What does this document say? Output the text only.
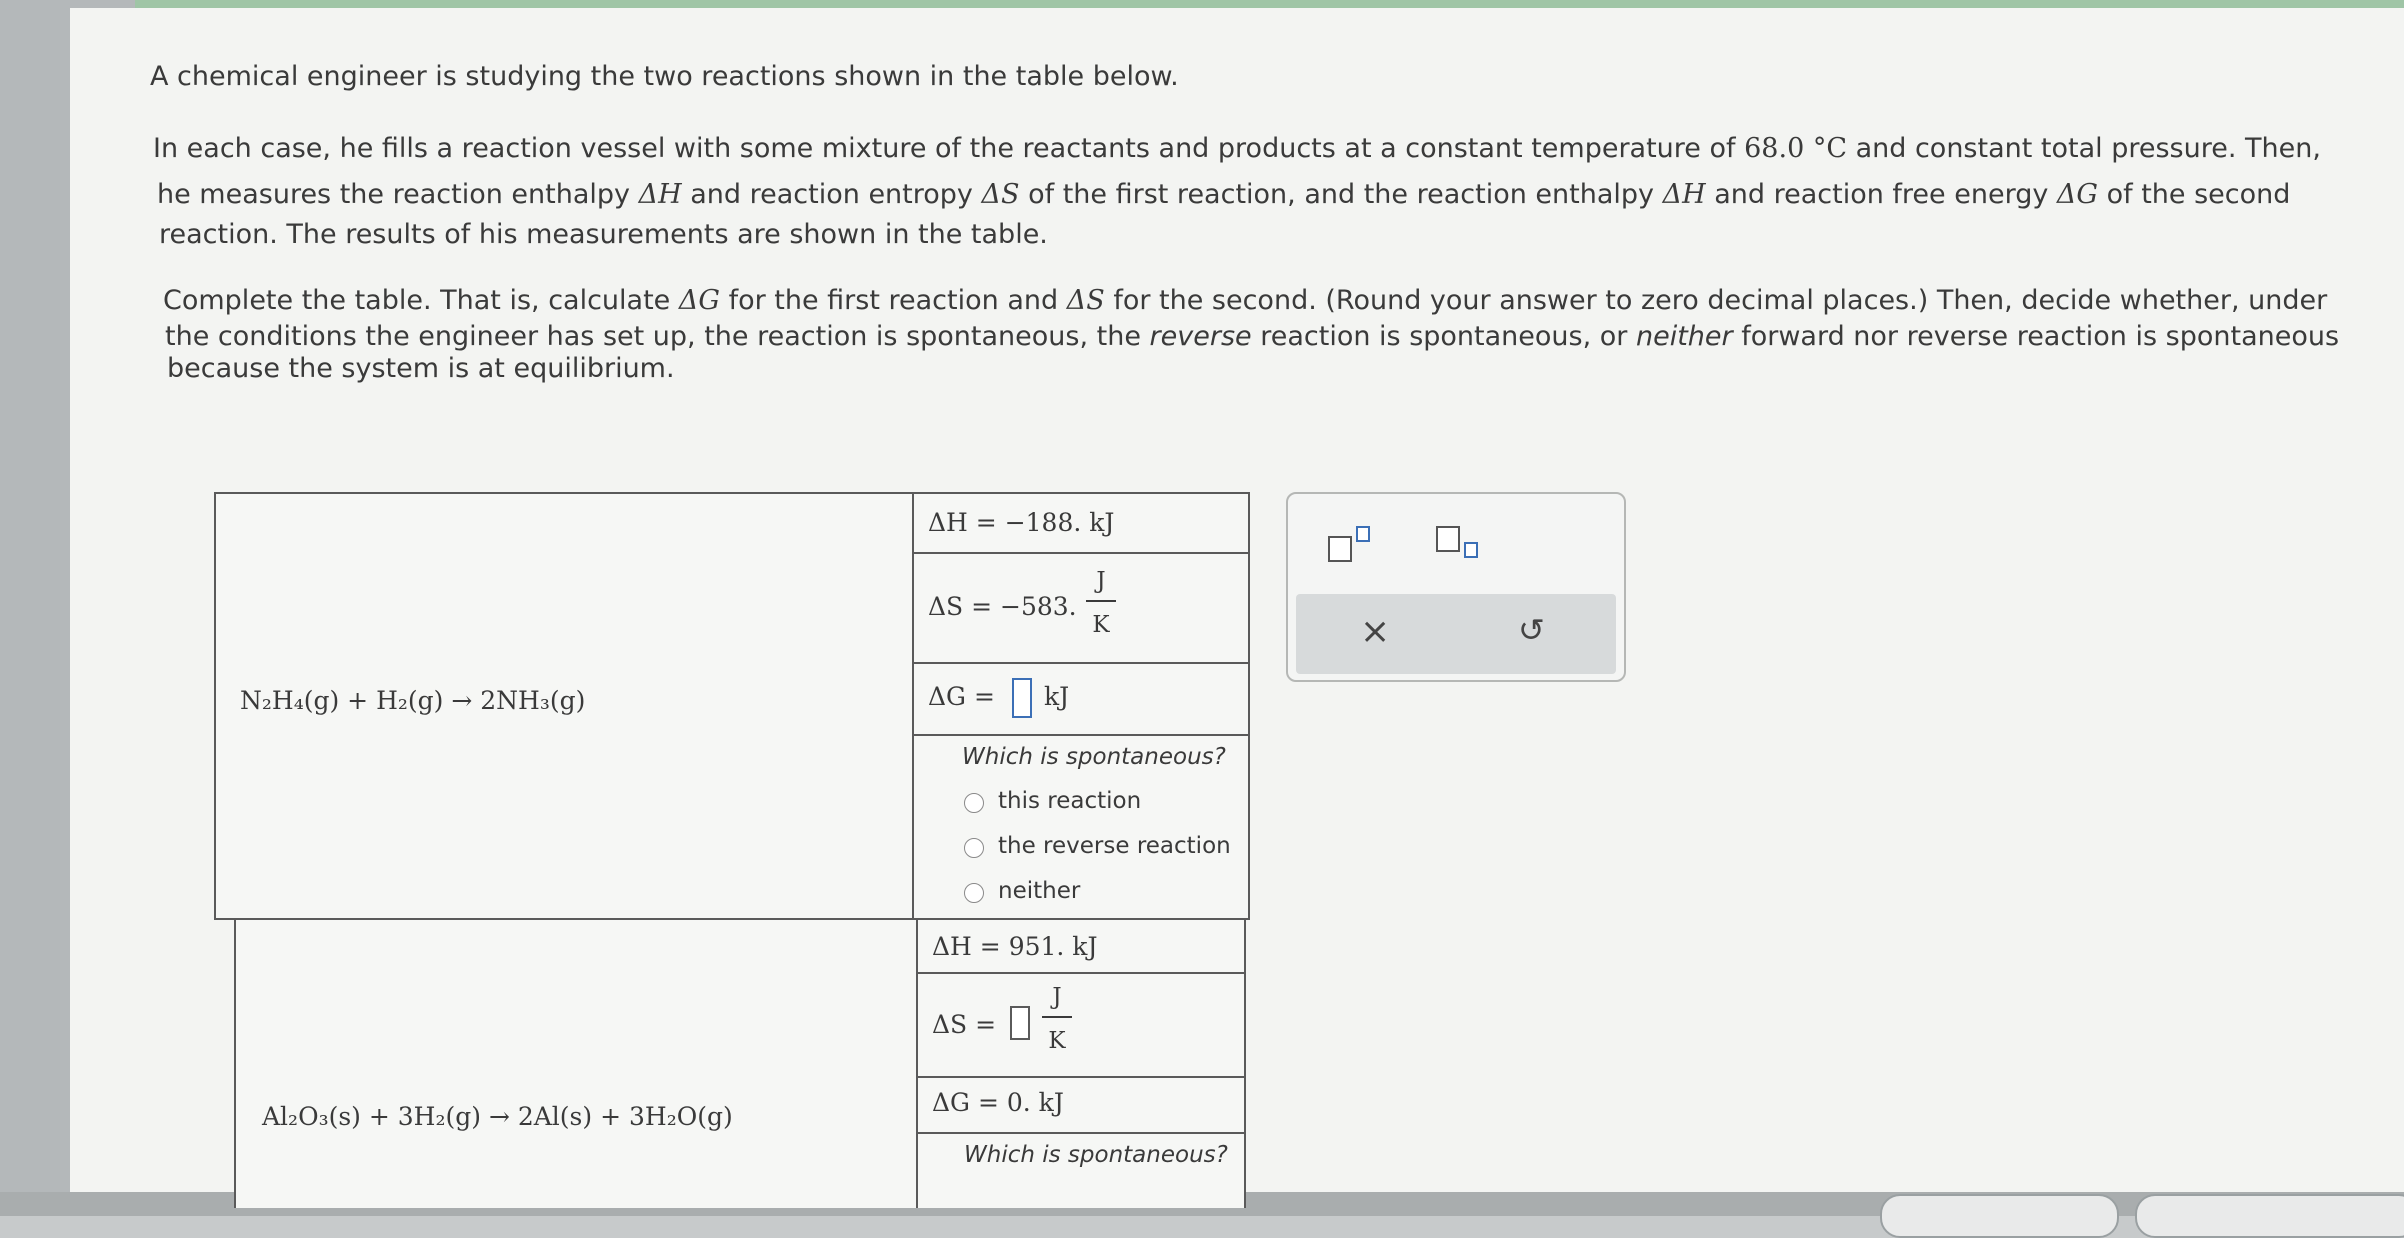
A chemical engineer is studying the two reactions shown in the table below.
In each case, he fills a reaction vessel with some mixture of the reactants and products at a constant temperature of 68.0 °C and constant total pressure. Then,
he measures the reaction enthalpy ΔH and reaction entropy ΔS of the first reaction, and the reaction enthalpy ΔH and reaction free energy ΔG of the second
reaction. The results of his measurements are shown in the table.
Complete the table. That is, calculate ΔG for the first reaction and ΔS for the second. (Round your answer to zero decimal places.) Then, decide whether, under
the conditions the engineer has set up, the reaction is spontaneous, the reverse reaction is spontaneous, or neither forward nor reverse reaction is spontaneous
because the system is at equilibrium.
N₂H₄(g) + H₂(g) → 2NH₃(g)
ΔH = −188. kJ
ΔS = −583.
J
K
ΔG = kJ
Which is spontaneous?
this reaction
the reverse reaction
neither
Al₂O₃(s) + 3H₂(g) → 2Al(s) + 3H₂O(g)
ΔH = 951. kJ
ΔS =
J
K
ΔG = 0. kJ
Which is spontaneous?
×	↺
